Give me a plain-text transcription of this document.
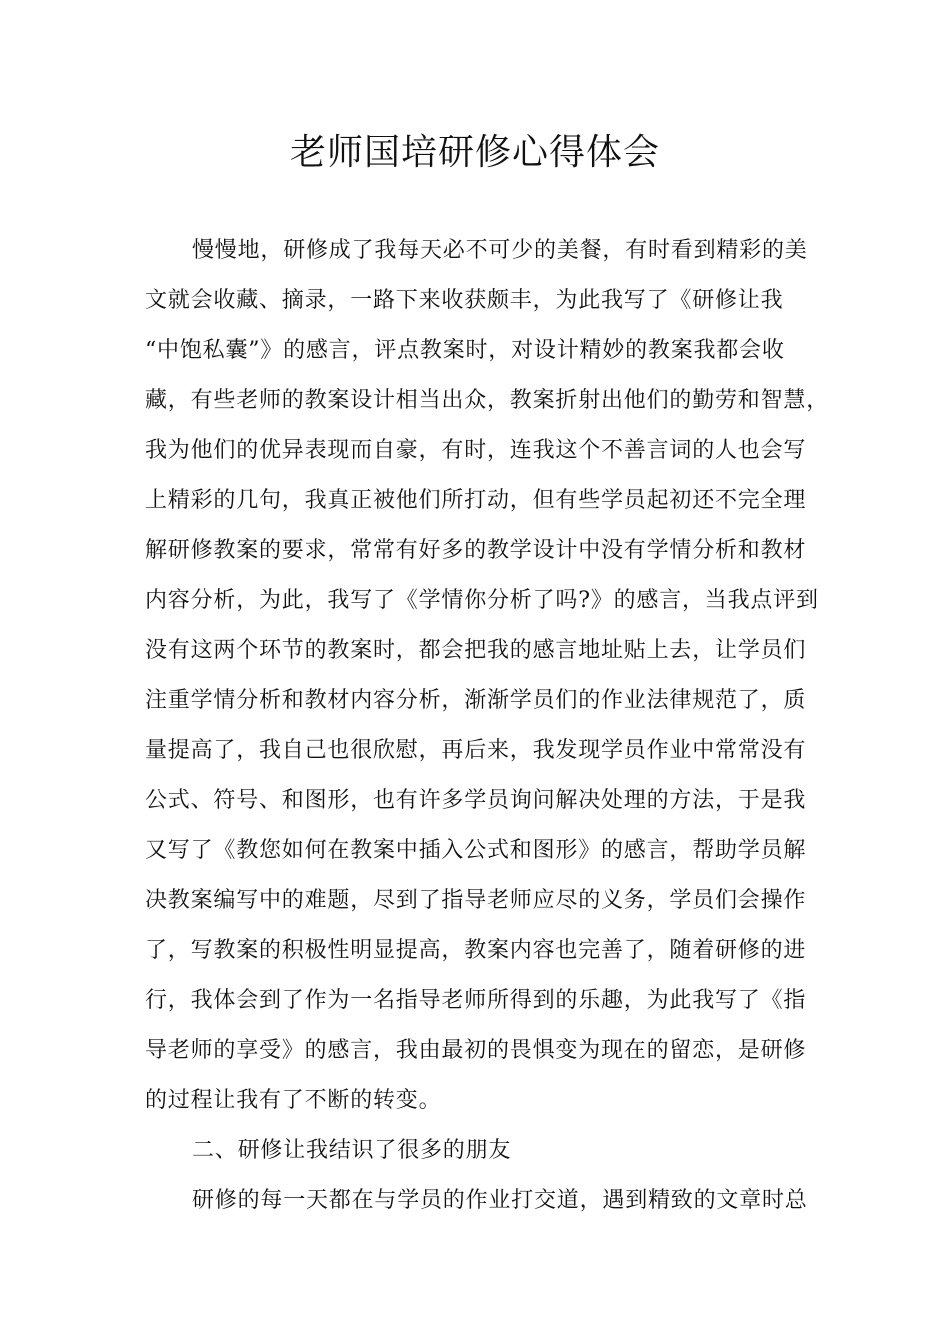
老师国培研修心得体会
慢慢地，研修成了我每天必不可少的美餐，有时看到精彩的美
文就会收藏、摘录，一路下来收获颇丰，为此我写了《研修让我
“中饱私囊”》的感言，评点教案时，对设计精妙的教案我都会收
藏，有些老师的教案设计相当出众，教案折射出他们的勤劳和智慧，
我为他们的优异表现而自豪，有时，连我这个不善言词的人也会写
上精彩的几句，我真正被他们所打动，但有些学员起初还不完全理
解研修教案的要求，常常有好多的教学设计中没有学情分析和教材
内容分析，为此，我写了《学情你分析了吗?》的感言，当我点评到
没有这两个环节的教案时，都会把我的感言地址贴上去，让学员们
注重学情分析和教材内容分析，渐渐学员们的作业法律规范了，质
量提高了，我自己也很欣慰，再后来，我发现学员作业中常常没有
公式、符号、和图形，也有许多学员询问解决处理的方法，于是我
又写了《教您如何在教案中插入公式和图形》的感言，帮助学员解
决教案编写中的难题，尽到了指导老师应尽的义务，学员们会操作
了，写教案的积极性明显提高，教案内容也完善了，随着研修的进
行，我体会到了作为一名指导老师所得到的乐趣，为此我写了《指
导老师的享受》的感言，我由最初的畏惧变为现在的留恋，是研修
的过程让我有了不断的转变。
二、研修让我结识了很多的朋友
研修的每一天都在与学员的作业打交道，遇到精致的文章时总
